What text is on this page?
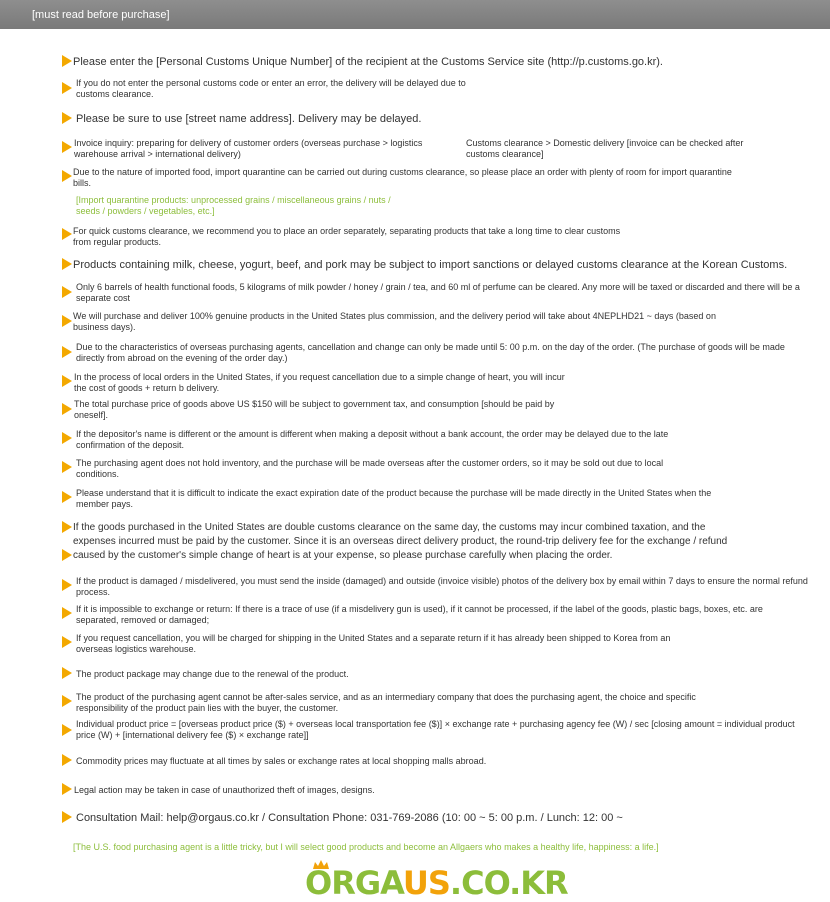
[must read before purchase]
Please enter the [Personal Customs Unique Number] of the recipient at the Customs Service site (http://p.customs.go.kr).
If you do not enter the personal customs code or enter an error, the delivery will be delayed due to customs clearance.
Please be sure to use [street name address]. Delivery may be delayed.
Invoice inquiry: preparing for delivery of customer orders (overseas purchase > logistics warehouse arrival > international delivery)
Customs clearance > Domestic delivery [invoice can be checked after customs clearance]
Due to the nature of imported food, import quarantine can be carried out during customs clearance, so please place an order with plenty of room for import quarantine bills.
[Import quarantine products: unprocessed grains / miscellaneous grains / nuts / seeds / powders / vegetables, etc.]
For quick customs clearance, we recommend you to place an order separately, separating products that take a long time to clear customs from regular products.
Products containing milk, cheese, yogurt, beef, and pork may be subject to import sanctions or delayed customs clearance at the Korean Customs.
Only 6 barrels of health functional foods, 5 kilograms of milk powder / honey / grain / tea, and 60 ml of perfume can be cleared. Any more will be taxed or discarded and there will be a separate cost
We will purchase and deliver 100% genuine products in the United States plus commission, and the delivery period will take about 4NEPLHD21 ~ days (based on business days).
Due to the characteristics of overseas purchasing agents, cancellation and change can only be made until 5: 00 p.m. on the day of the order. (The purchase of goods will be made directly from abroad on the evening of the order day.)
In the process of local orders in the United States, if you request cancellation due to a simple change of heart, you will incur the cost of goods + return b delivery.
The total purchase price of goods above US $150 will be subject to government tax, and consumption [should be paid by oneself].
If the depositor's name is different or the amount is different when making a deposit without a bank account, the order may be delayed due to the late confirmation of the deposit.
The purchasing agent does not hold inventory, and the purchase will be made overseas after the customer orders, so it may be sold out due to local conditions.
Please understand that it is difficult to indicate the exact expiration date of the product because the purchase will be made directly in the United States when the member pays.
If the goods purchased in the United States are double customs clearance on the same day, the customs may incur combined taxation, and the
expenses incurred must be paid by the customer. Since it is an overseas direct delivery product, the round-trip delivery fee for the exchange / refund
caused by the customer's simple change of heart is at your expense, so please purchase carefully when placing the order.
If the product is damaged / misdelivered, you must send the inside (damaged) and outside (invoice visible) photos of the delivery box by email within 7 days to ensure the normal refund process.
If it is impossible to exchange or return: If there is a trace of use (if a misdelivery gun is used), if it cannot be processed, if the label of the goods, plastic bags, boxes, etc. are separated, removed or damaged;
If you request cancellation, you will be charged for shipping in the United States and a separate return if it has already been shipped to Korea from an overseas logistics warehouse.
The product package may change due to the renewal of the product.
The product of the purchasing agent cannot be after-sales service, and as an intermediary company that does the purchasing agent, the choice and specific responsibility of the product pain lies with the buyer, the customer.
Individual product price = [overseas product price ($) + overseas local transportation fee ($)] × exchange rate + purchasing agency fee (W) / sec [closing amount = individual product price (W) + [international delivery fee ($) × exchange rate]]
Commodity prices may fluctuate at all times by sales or exchange rates at local shopping malls abroad.
Legal action may be taken in case of unauthorized theft of images, designs.
Consultation Mail: help@orgaus.co.kr / Consultation Phone: 031-769-2086 (10: 00 ~ 5: 00 p.m. / Lunch: 12: 00 ~
[The U.S. food purchasing agent is a little tricky, but I will select good products and become an Allgaers who makes a healthy life, happiness: a life.]
ORGAUS.CO.KR
